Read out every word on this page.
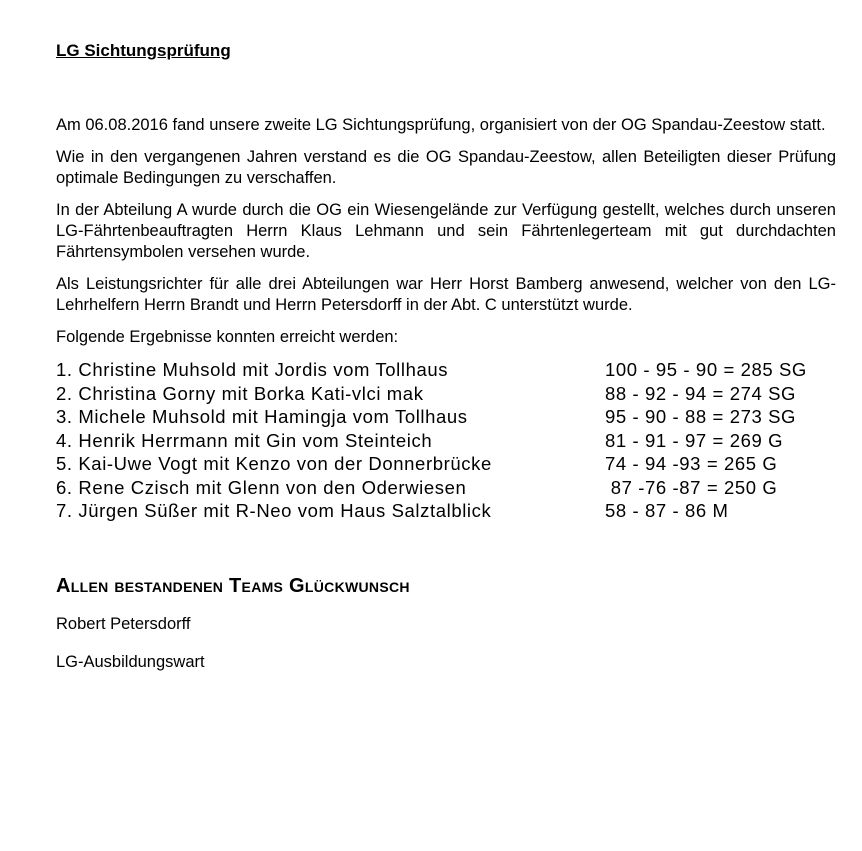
LG Sichtungsprüfung

Am 06.08.2016 fand unsere zweite LG Sichtungsprüfung, organisiert von der OG Spandau-Zeestow statt.

Wie in den vergangenen Jahren verstand es die OG Spandau-Zeestow, allen Beteiligten dieser Prüfung optimale Bedingungen zu verschaffen.

In der Abteilung A wurde durch die OG ein Wiesengelände zur Verfügung gestellt, welches durch unseren LG-Fährtenbeauftragten Herrn Klaus Lehmann und sein Fährtenlegerteam mit gut durchdachten Fährtensymbolen versehen wurde.

Als Leistungsrichter für alle drei Abteilungen war Herr Horst Bamberg anwesend, welcher von den LG-Lehrhelfern Herrn Brandt und Herrn Petersdorff in der Abt. C unterstützt wurde.

Folgende Ergebnisse konnten erreicht werden:

1. Christine Muhsold mit Jordis vom Tollhaus	100 - 95 - 90 = 285 SG
2. Christina Gorny mit Borka Kati-vlci mak	88 - 92 - 94 = 274 SG
3. Michele Muhsold mit Hamingja vom Tollhaus	95 - 90 - 88 = 273 SG
4. Henrik Herrmann mit Gin vom Steinteich	81 - 91 - 97 = 269 G
5. Kai-Uwe Vogt mit Kenzo von der Donnerbrücke	74 - 94 -93 = 265 G
6. Rene Czisch mit Glenn von den Oderwiesen	87 -76 -87 = 250 G
7. Jürgen Süßer mit R-Neo vom Haus Salztalblick	58 - 87 - 86 M
Allen bestandenen Teams Glückwunsch

Robert Petersdorff

LG-Ausbildungswart
